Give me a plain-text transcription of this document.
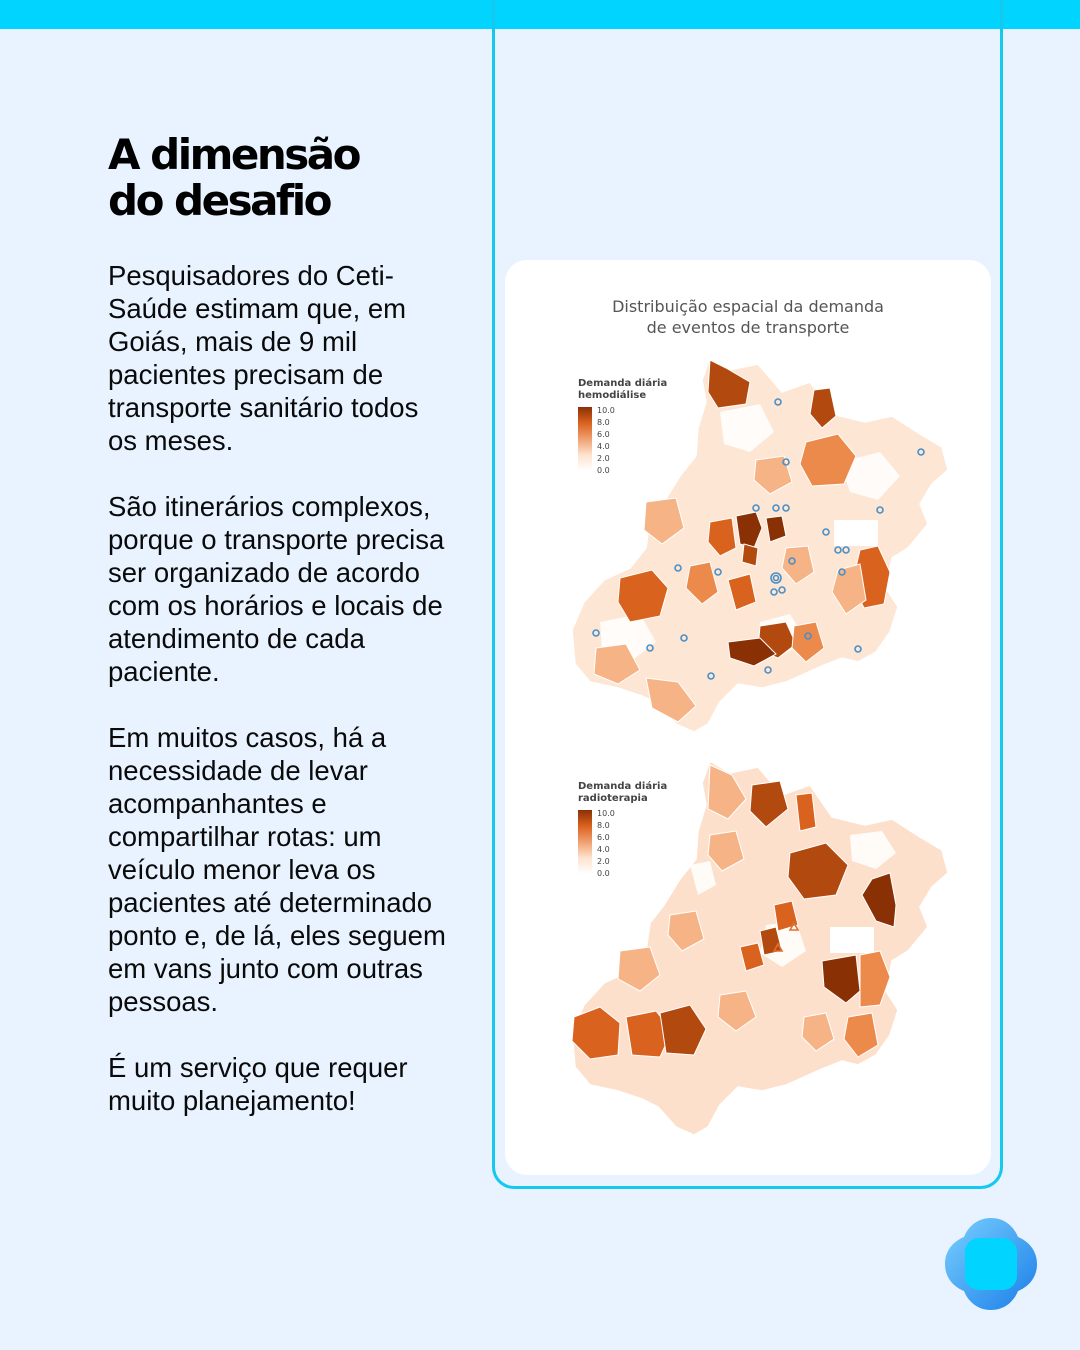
A dimensão
do desafio

Pesquisadores do Ceti-Saúde estimam que, em Goiás, mais de 9 mil pacientes precisam de transporte sanitário todos os meses.

São itinerários complexos, porque o transporte precisa ser organizado de acordo com os horários e locais de atendimento de cada paciente.

Em muitos casos, há a necessidade de levar acompanhantes e compartilhar rotas: um veículo menor leva os pacientes até determinado ponto e, de lá, eles seguem em vans junto com outras pessoas.

É um serviço que requer muito planejamento!

Distribuição espacial da demanda
de eventos de transporte
Demanda diária
hemodiálise
10.0
8.0
6.0
4.0
2.0
0.0
Demanda diária
radioterapia
10.0
8.0
6.0
4.0
2.0
0.0
